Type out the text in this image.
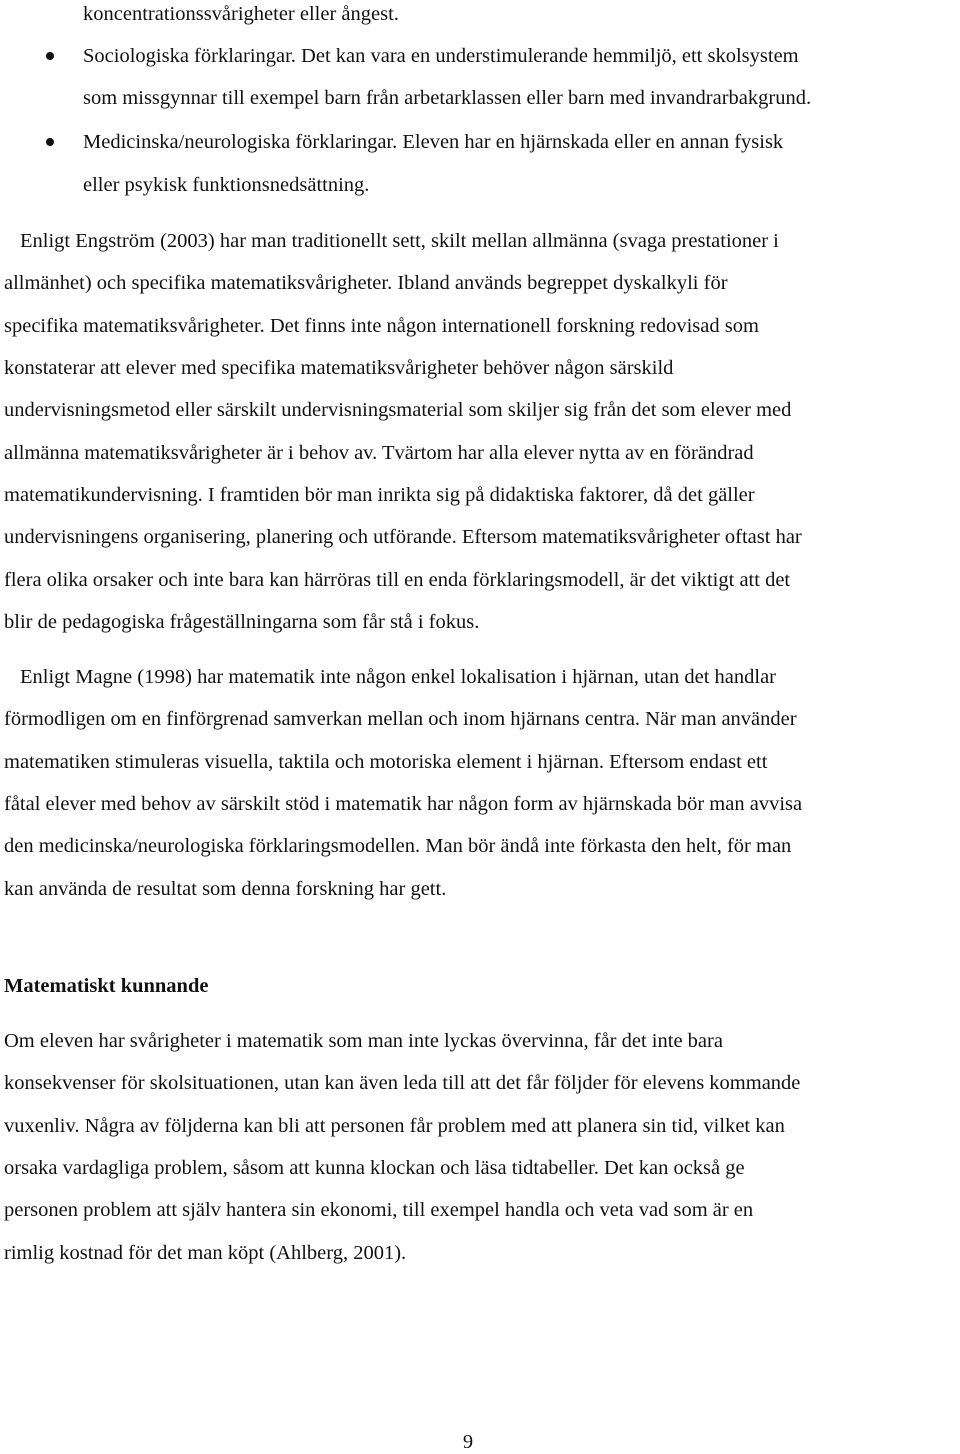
koncentrationssvårigheter eller ångest.
Sociologiska förklaringar. Det kan vara en understimulerande hemmiljö, ett skolsystem
som missgynnar till exempel barn från arbetarklassen eller barn med invandrarbakgrund.
Medicinska/neurologiska förklaringar. Eleven har en hjärnskada eller en annan fysisk
eller psykisk funktionsnedsättning.
Enligt Engström (2003) har man traditionellt sett, skilt mellan allmänna (svaga prestationer i
allmänhet) och specifika matematiksvårigheter. Ibland används begreppet dyskalkyli för
specifika matematiksvårigheter. Det finns inte någon internationell forskning redovisad som
konstaterar att elever med specifika matematiksvårigheter behöver någon särskild
undervisningsmetod eller särskilt undervisningsmaterial som skiljer sig från det som elever med
allmänna matematiksvårigheter är i behov av. Tvärtom har alla elever nytta av en förändrad
matematikundervisning. I framtiden bör man inrikta sig på didaktiska faktorer, då det gäller
undervisningens organisering, planering och utförande. Eftersom matematiksvårigheter oftast har
flera olika orsaker och inte bara kan härröras till en enda förklaringsmodell, är det viktigt att det
blir de pedagogiska frågeställningarna som får stå i fokus.
Enligt Magne (1998) har matematik inte någon enkel lokalisation i hjärnan, utan det handlar
förmodligen om en finförgrenad samverkan mellan och inom hjärnans centra. När man använder
matematiken stimuleras visuella, taktila och motoriska element i hjärnan. Eftersom endast ett
fåtal elever med behov av särskilt stöd i matematik har någon form av hjärnskada bör man avvisa
den medicinska/neurologiska förklaringsmodellen. Man bör ändå inte förkasta den helt, för man
kan använda de resultat som denna forskning har gett.
Matematiskt kunnande
Om eleven har svårigheter i matematik som man inte lyckas övervinna, får det inte bara
konsekvenser för skolsituationen, utan kan även leda till att det får följder för elevens kommande
vuxenliv. Några av följderna kan bli att personen får problem med att planera sin tid, vilket kan
orsaka vardagliga problem, såsom att kunna klockan och läsa tidtabeller. Det kan också ge
personen problem att själv hantera sin ekonomi, till exempel handla och veta vad som är en
rimlig kostnad för det man köpt (Ahlberg, 2001).
9
